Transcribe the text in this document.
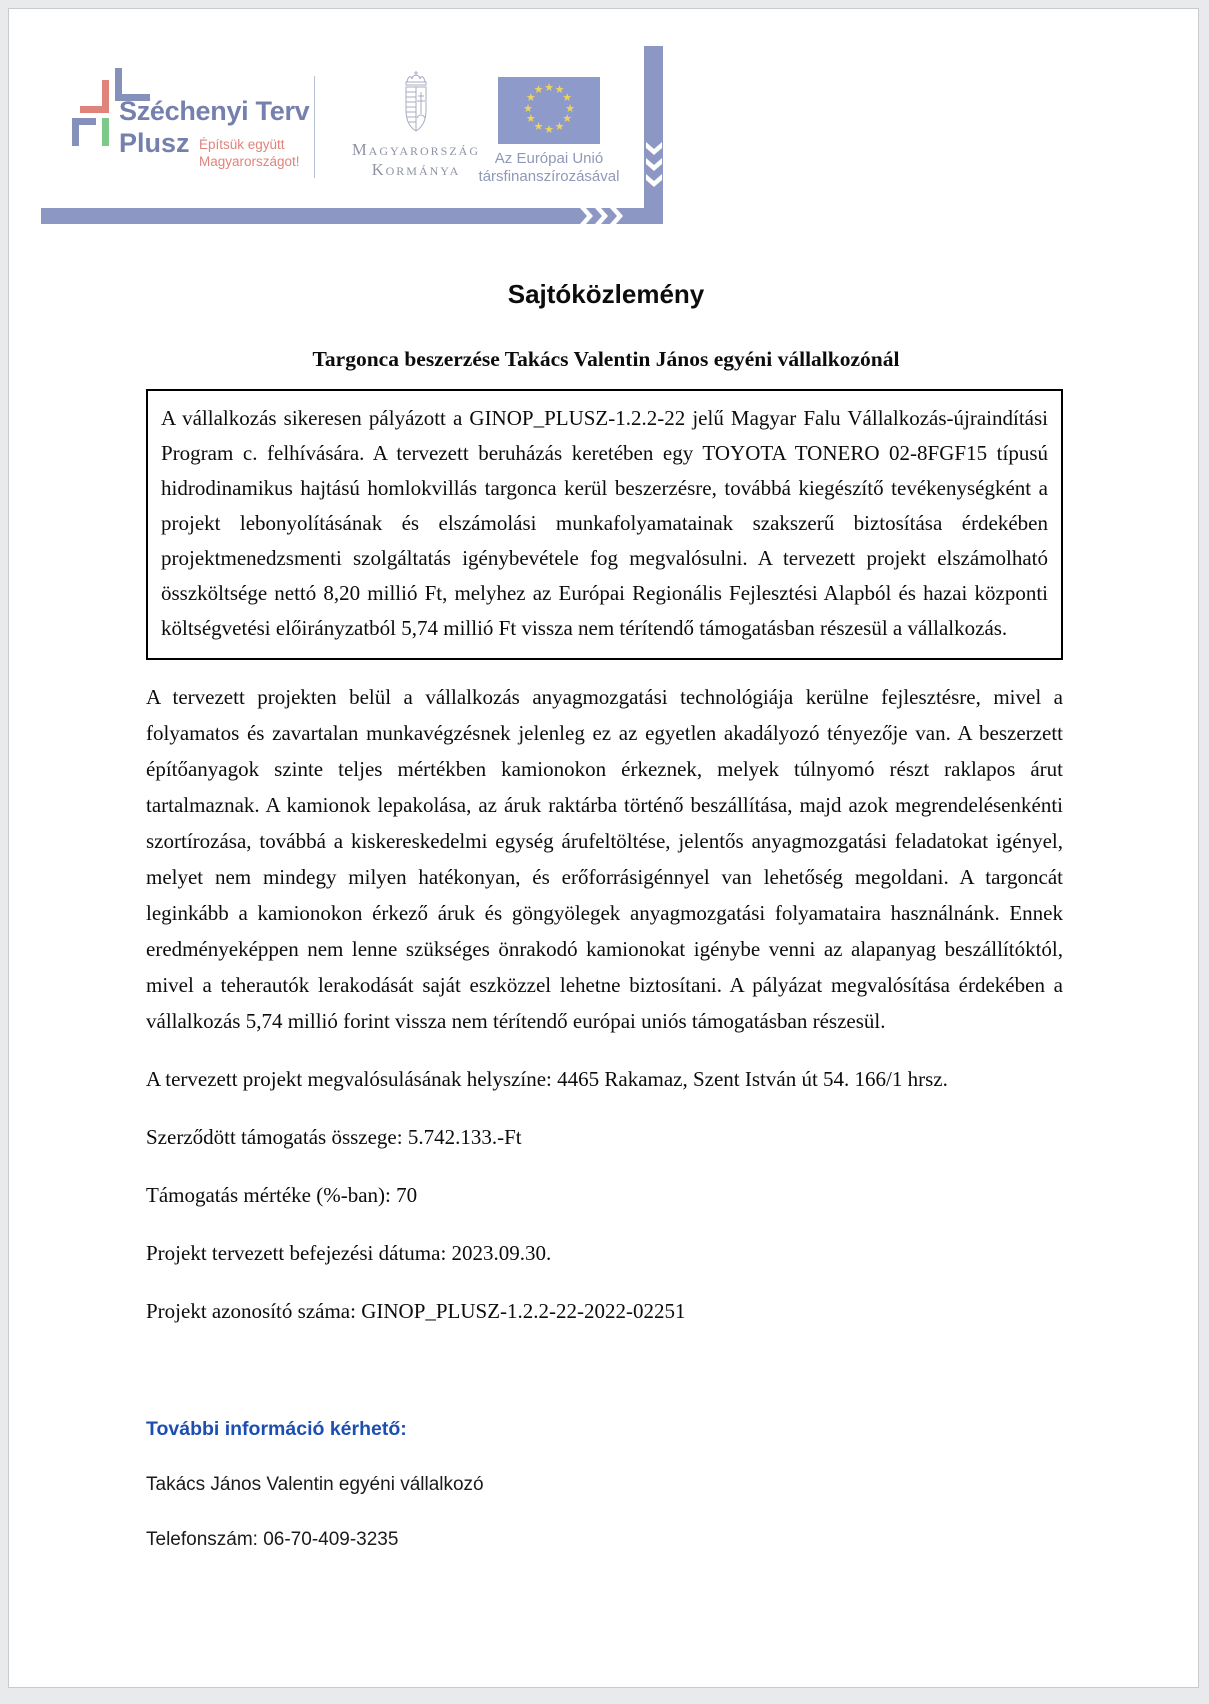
Széchenyi Terv
Plusz Építsük együtt
Magyarországot!
Magyarország
Kormánya
★ ★
★
★
★
★
★
★
★
★
★
★
Az Európai Unió
társfinanszírozásával
Sajtóközlemény
Targonca beszerzése Takács Valentin János egyéni vállalkozónál
A vállalkozás sikeresen pályázott a GINOP_PLUSZ-1.2.2-22 jelű Magyar Falu Vállalkozás-újraindítási Program c. felhívására. A tervezett beruházás keretében egy TOYOTA TONERO 02-8FGF15 típusú hidrodinamikus hajtású homlokvillás targonca kerül beszerzésre, továbbá kiegészítő tevékenységként a projekt lebonyolításának és elszámolási munkafolyamatainak szakszerű biztosítása érdekében projektmenedzsmenti szolgáltatás igénybevétele fog megvalósulni. A tervezett projekt elszámolható összköltsége nettó 8,20 millió Ft, melyhez az Európai Regionális Fejlesztési Alapból és hazai központi költségvetési előirányzatból 5,74 millió Ft vissza nem térítendő támogatásban részesül a vállalkozás.

A tervezett projekten belül a vállalkozás anyagmozgatási technológiája kerülne fejlesztésre, mivel a folyamatos és zavartalan munkavégzésnek jelenleg ez az egyetlen akadályozó tényezője van. A beszerzett építőanyagok szinte teljes mértékben kamionokon érkeznek, melyek túlnyomó részt raklapos árut tartalmaznak. A kamionok lepakolása, az áruk raktárba történő beszállítása, majd azok megrendelésenkénti szortírozása, továbbá a kiskereskedelmi egység árufeltöltése, jelentős anyagmozgatási feladatokat igényel, melyet nem mindegy milyen hatékonyan, és erőforrásigénnyel van lehetőség megoldani. A targoncát leginkább a kamionokon érkező áruk és göngyölegek anyagmozgatási folyamataira használnánk. Ennek eredményeképpen nem lenne szükséges önrakodó kamionokat igénybe venni az alapanyag beszállítóktól, mivel a teherautók lerakodását saját eszközzel lehetne biztosítani. A pályázat megvalósítása érdekében a vállalkozás 5,74 millió forint vissza nem térítendő európai uniós támogatásban részesül.

A tervezett projekt megvalósulásának helyszíne: 4465 Rakamaz, Szent István út 54. 166/1 hrsz.

Szerződött támogatás összege: 5.742.133.-Ft

Támogatás mértéke (%-ban): 70

Projekt tervezett befejezési dátuma: 2023.09.30.

Projekt azonosító száma: GINOP_PLUSZ-1.2.2-22-2022-02251

További információ kérhető:

Takács János Valentin egyéni vállalkozó

Telefonszám: 06-70-409-3235
